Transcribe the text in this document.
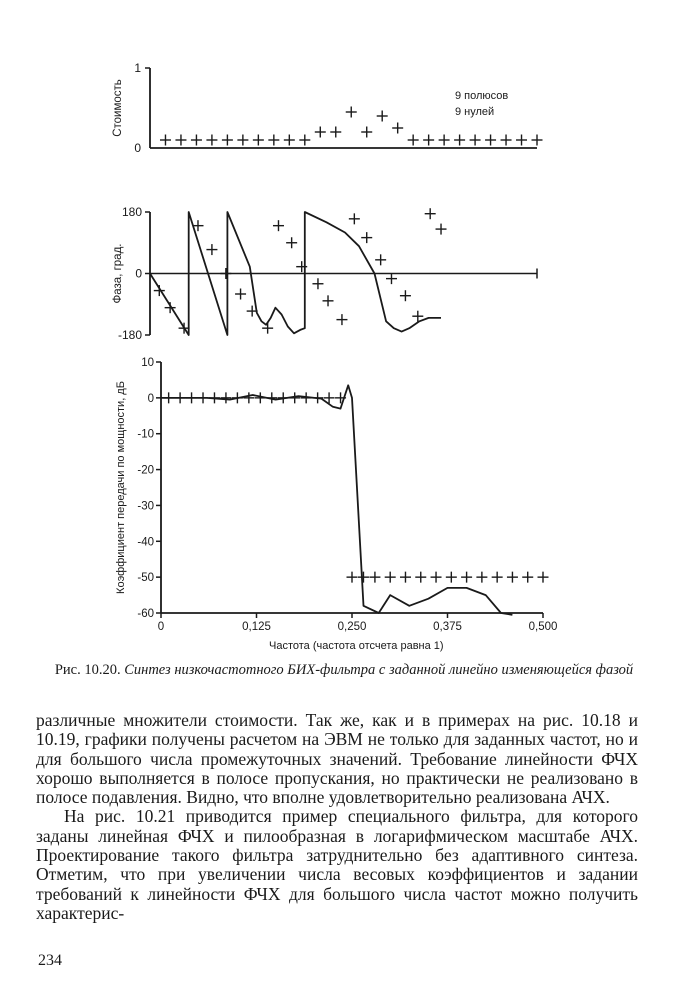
1
0
Стоимость	9 полюсов
9 нулей
180
0
-180
Фаза, град.
10
0
-10
-20
-30
-40
-50
-60
0	0,125	0,250	0,375	0,500
Коэффициент передачи по мощности, дБ
Частота (частота отсчета равна 1)
Рис. 10.20. Синтез низкочастотного БИХ-фильтра с заданной линейно изменяющейся фазой

различные множители стоимости. Так же, как и в примерах на рис. 10.18 и 10.19, графики получены расчетом на ЭВМ не только для заданных частот, но и для большого числа промежуточных значений. Требование линейности ФЧХ хорошо выполняется в полосе пропускания, но практически не реализовано в полосе подавления. Видно, что вполне удовлетворительно реализована АЧХ.

На рис. 10.21 приводится пример специального фильтра, для которого заданы линейная ФЧХ и пилообразная в логарифмическом масштабе АЧХ. Проектирование такого фильтра затруднительно без адаптивного синтеза. Отметим, что при увеличении числа весовых коэффициентов и задании требований к линейности ФЧХ для большого числа частот можно получить характерис-

234
